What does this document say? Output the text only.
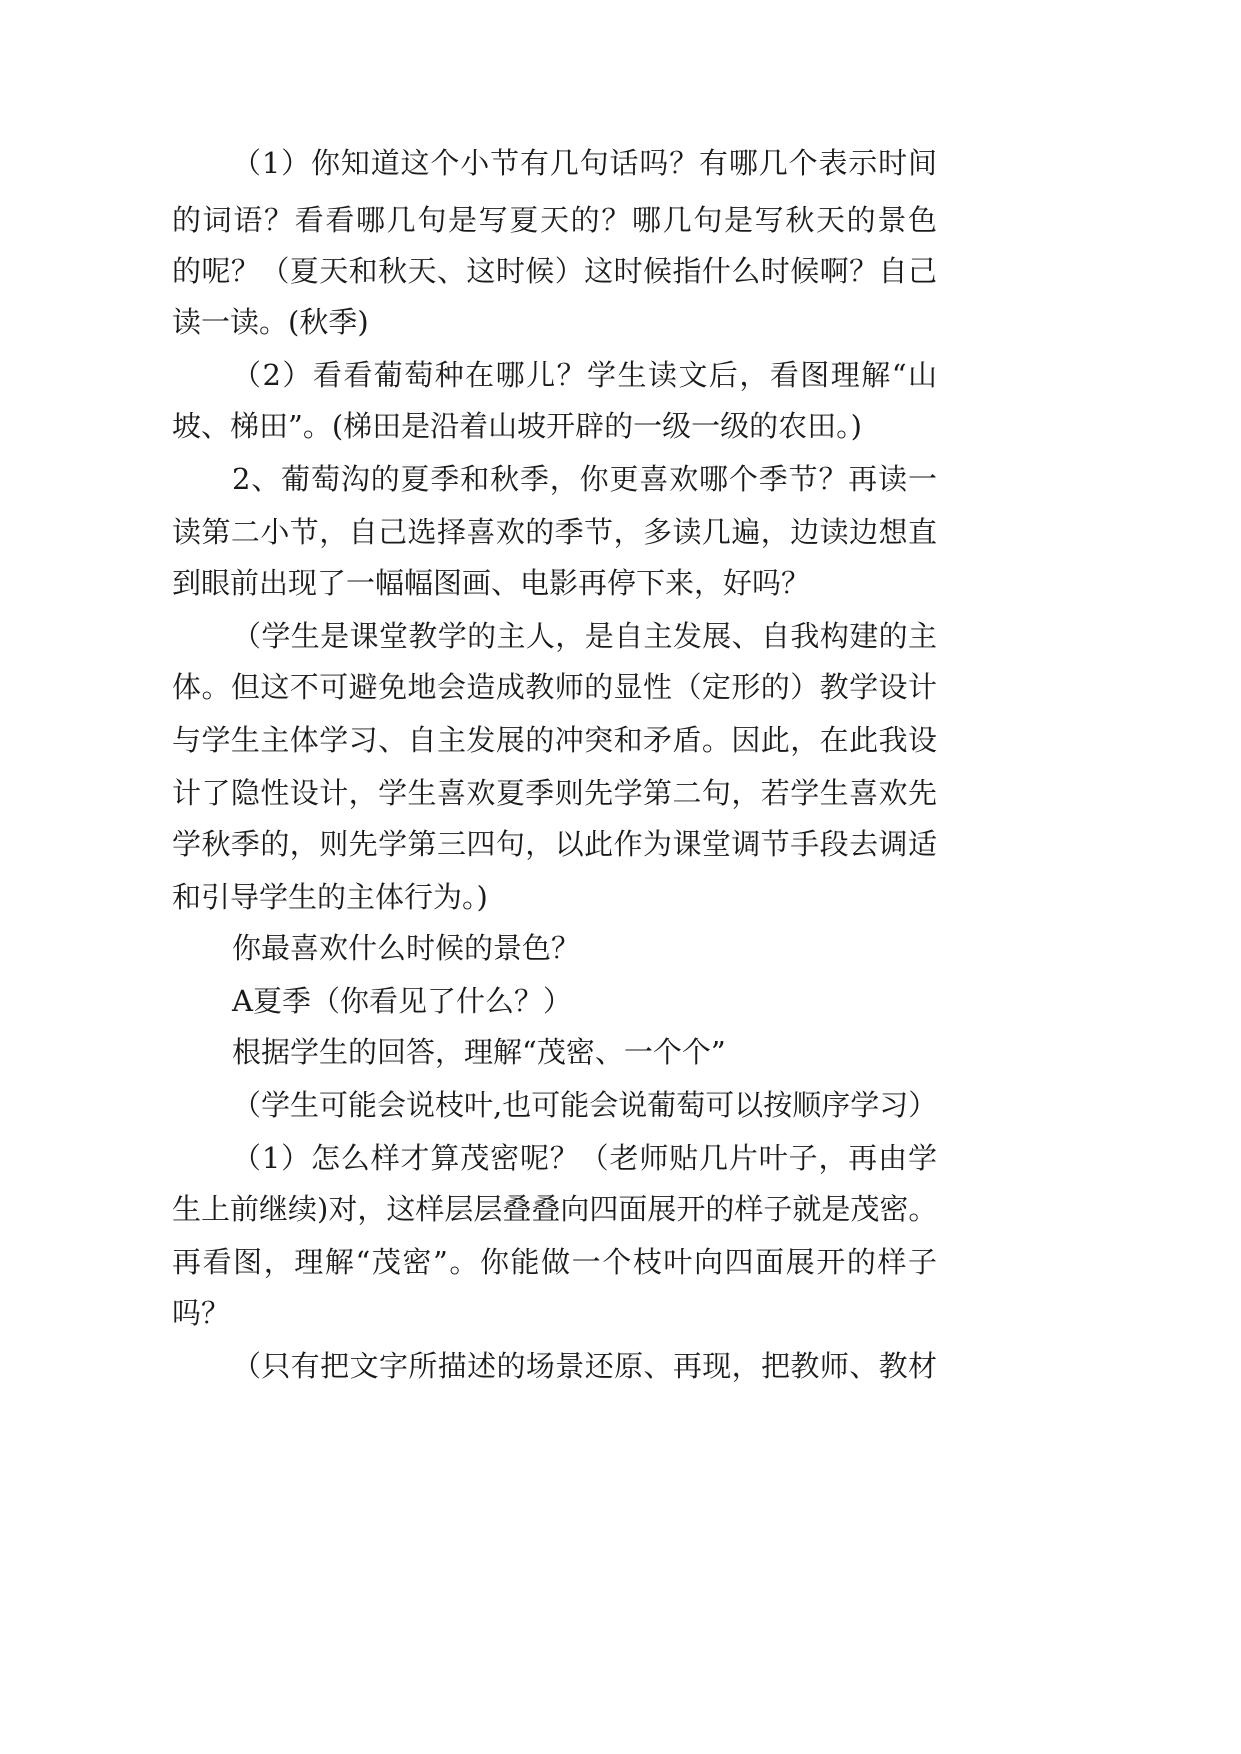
（1）你知道这个小节有几句话吗？有哪几个表示时间
的词语？看看哪几句是写夏天的？哪几句是写秋天的景色
的呢？（夏天和秋天、这时候）这时候指什么时候啊？自己
读一读。(秋季)
（2）看看葡萄种在哪儿？学生读文后，看图理解“山
坡、梯田”。(梯田是沿着山坡开辟的一级一级的农田。)
2、葡萄沟的夏季和秋季，你更喜欢哪个季节？再读一
读第二小节，自己选择喜欢的季节，多读几遍，边读边想直
到眼前出现了一幅幅图画、电影再停下来，好吗？
（学生是课堂教学的主人，是自主发展、自我构建的主
体。但这不可避免地会造成教师的显性（定形的）教学设计
与学生主体学习、自主发展的冲突和矛盾。因此，在此我设
计了隐性设计，学生喜欢夏季则先学第二句，若学生喜欢先
学秋季的，则先学第三四句，以此作为课堂调节手段去调适
和引导学生的主体行为。)
你最喜欢什么时候的景色？
A夏季（你看见了什么？）
根据学生的回答，理解“茂密、一个个”
（学生可能会说枝叶,也可能会说葡萄可以按顺序学习）
（1）怎么样才算茂密呢？（老师贴几片叶子，再由学
生上前继续)对，这样层层叠叠向四面展开的样子就是茂密。
再看图，理解“茂密”。你能做一个枝叶向四面展开的样子
吗？
（只有把文字所描述的场景还原、再现，把教师、教材
